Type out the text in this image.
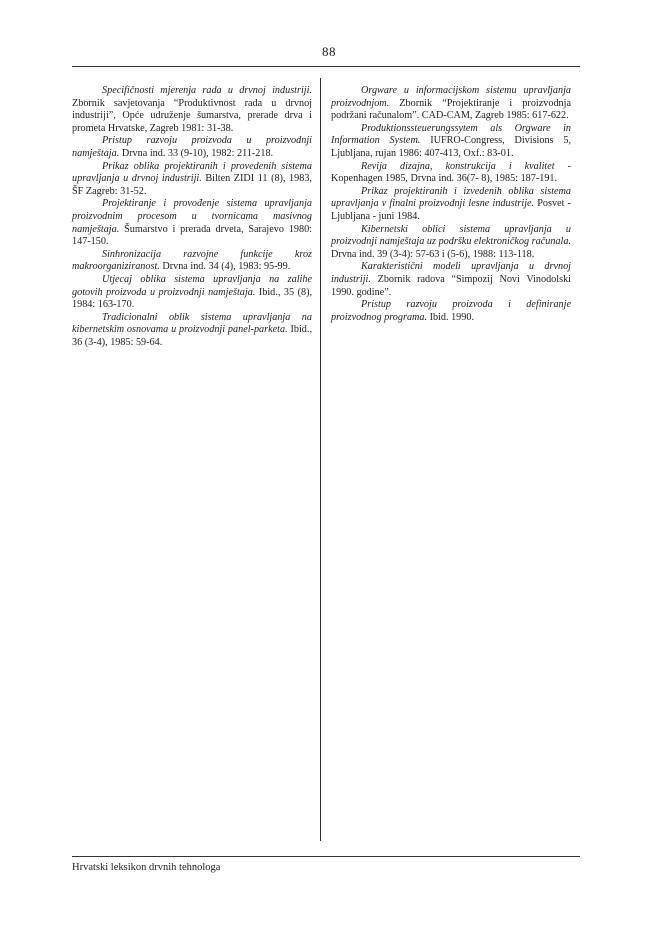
88

Specifičnosti mjerenja rada u drvnoj industriji. Zbornik savjetovanja “Produktivnost rada u drvnoj industriji”, Opće udruženje šumarstva, prerade drva i prometa Hrvatske, Zagreb 1981: 31-38.

Pristup razvoju proizvoda u proizvodnji namještaja. Drvna ind. 33 (9-10), 1982: 211-218.

Prikaz oblika projektiranih i provedenih sistema upravljanja u drvnoj industriji. Bilten ZIDI 11 (8), 1983, ŠF Zagreb: 31-52.

Projektiranje i provođenje sistema upravljanja proizvodnim procesom u tvornicama masivnog namještaja. Šumarstvo i prerada drveta, Sarajevo 1980: 147-150.

Sinhronizacija razvojne funkcije kroz makroorganiziranost. Drvna ind. 34 (4), 1983: 95-99.

Utjecaj oblika sistema upravljanja na zalihe gotovih proizvoda u proizvodnji namještaja. Ibid., 35 (8), 1984: 163-170.

Tradicionalni oblik sistema upravljanja na kibernetskim osnovama u proizvodnji panel-parketa. Ibid., 36 (3-4), 1985: 59-64.

Orgware u informacijskom sistemu upravljanja proizvodnjom. Zbornik “Projektiranje i proizvodnja podržani računalom”. CAD-CAM, Zagreb 1985: 617-622.

Produktionssteuerungssytem als Orgware in Information System. IUFRO-Congress, Divisions 5, Ljubljana, rujan 1986: 407-413, Oxf.: 83-01.

Revija dizajna, konstrukcija i kvalitet - Kopenhagen 1985, Drvna ind. 36(7- 8), 1985: 187-191.

Prikaz projektiranih i izvedenih oblika sistema upravljanja v finalni proizvodnji lesne industrije. Posvet - Ljubljana - juni 1984.

Kibernetski oblici sistema upravljanja u proizvodnji namještaja uz podršku elektroničkog računala. Drvna ind. 39 (3-4): 57-63 i (5-6), 1988: 113-118.

Karakteristični modeli upravljanja u drvnoj industriji. Zbornik radova “Simpozij Novi Vinodolski 1990. godine”.

Pristup razvoju proizvoda i definiranje proizvodnog programa. Ibid. 1990.

Hrvatski leksikon drvnih tehnologa
